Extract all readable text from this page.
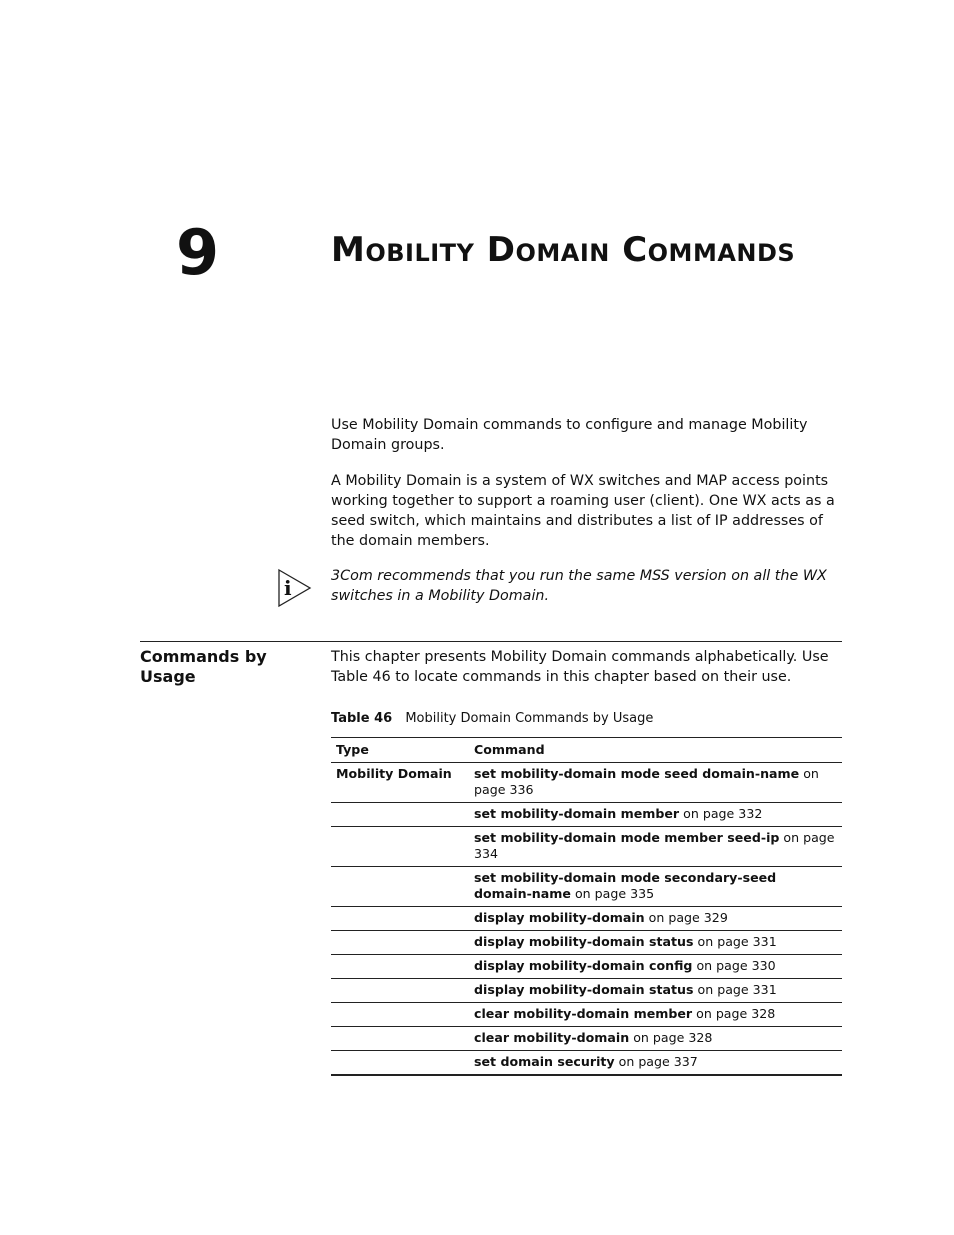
9	Mobility Domain Commands

Use Mobility Domain commands to configure and manage Mobility Domain groups.

A Mobility Domain is a system of WX switches and MAP access points working together to support a roaming user (client). One WX acts as a seed switch, which maintains and distributes a list of IP addresses of the domain members.

i	3Com recommends that you run the same MSS version on all the WX switches in a Mobility Domain.

Commands by Usage

This chapter presents Mobility Domain commands alphabetically. Use Table 46 to locate commands in this chapter based on their use.

Table 46 Mobility Domain Commands by Usage
Type	Command
Mobility Domain	set mobility-domain mode seed domain-name on page 336
	set mobility-domain member on page 332
	set mobility-domain mode member seed-ip on page 334
	set mobility-domain mode secondary-seed domain-name on page 335
	display mobility-domain on page 329
	display mobility-domain status on page 331
	display mobility-domain config on page 330
	display mobility-domain status on page 331
	clear mobility-domain member on page 328
	clear mobility-domain on page 328
	set domain security on page 337
